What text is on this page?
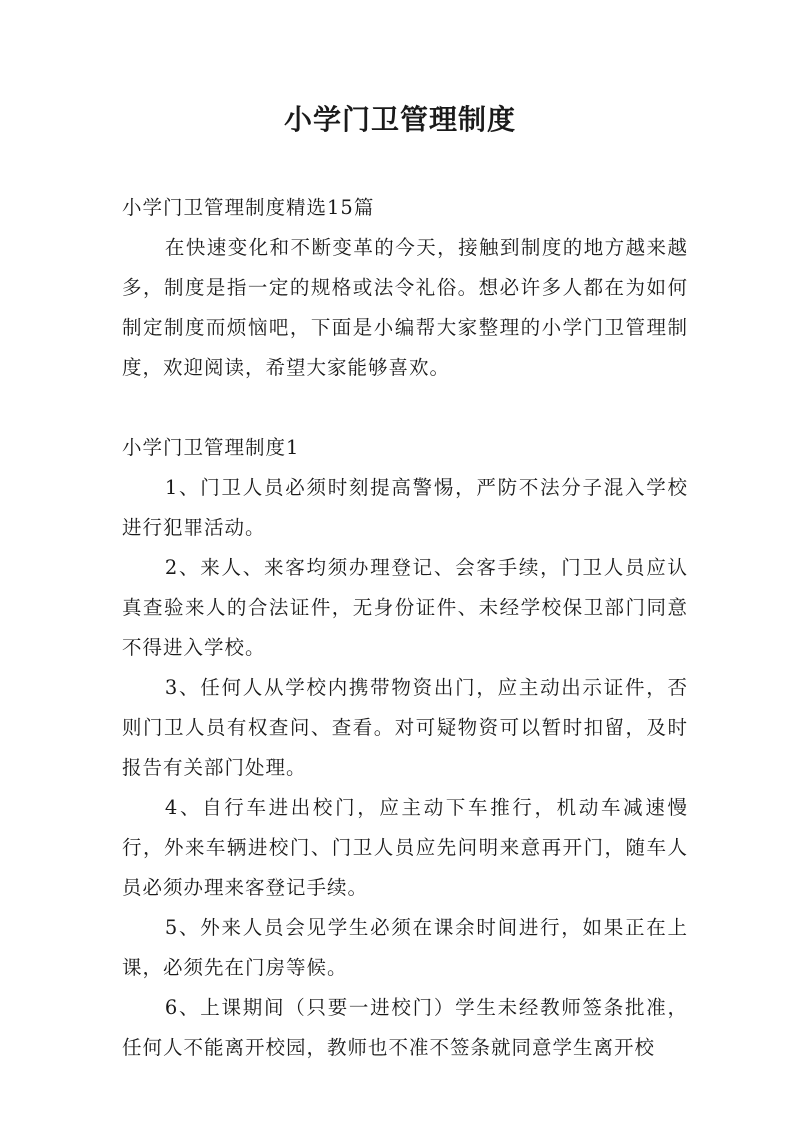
小学门卫管理制度

小学门卫管理制度精选15篇

在快速变化和不断变革的今天，接触到制度的地方越来越多，制度是指一定的规格或法令礼俗。想必许多人都在为如何制定制度而烦恼吧，下面是小编帮大家整理的小学门卫管理制度，欢迎阅读，希望大家能够喜欢。

小学门卫管理制度1

1、门卫人员必须时刻提高警惕，严防不法分子混入学校进行犯罪活动。

2、来人、来客均须办理登记、会客手续，门卫人员应认真查验来人的合法证件，无身份证件、未经学校保卫部门同意不得进入学校。

3、任何人从学校内携带物资出门，应主动出示证件，否则门卫人员有权查问、查看。对可疑物资可以暂时扣留，及时报告有关部门处理。

4、自行车进出校门，应主动下车推行，机动车减速慢行，外来车辆进校门、门卫人员应先问明来意再开门，随车人员必须办理来客登记手续。

5、外来人员会见学生必须在课余时间进行，如果正在上课，必须先在门房等候。

6、上课期间（只要一进校门）学生未经教师签条批准，任何人不能离开校园，教师也不准不签条就同意学生离开校
